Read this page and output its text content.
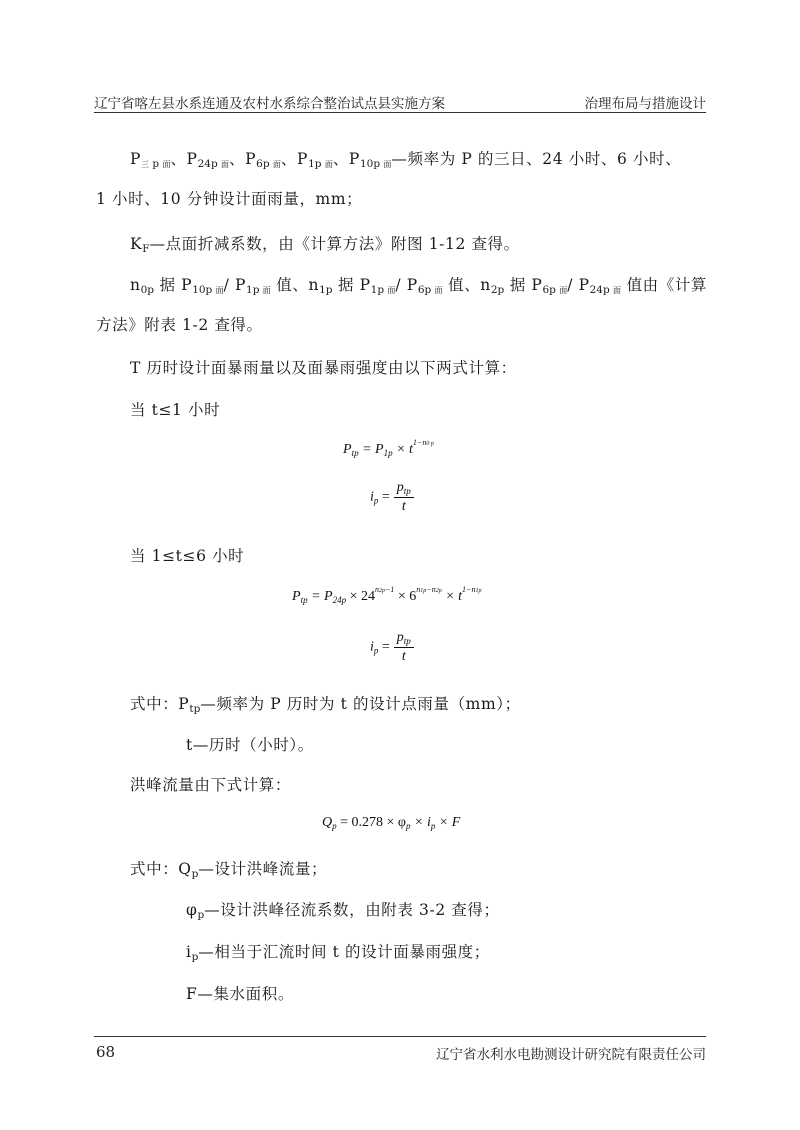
辽宁省喀左县水系连通及农村水系综合整治试点县实施方案	治理布局与措施设计
$P_{三 p 面}$、$P_{24p 面}$、$P_{6p 面}$、$P_{1p 面}$、$P_{10p 面}—$频率为 P 的三日、24 小时、6 小时、
1 小时、10 分钟设计面雨量，mm；
$K_F—$点面折减系数，由《计算方法》附图 1-12 查得。
$n_{0p}$ 据 $P_{10p 面}/$ $P_{1p 面}$ 值、$n_{1p}$ 据 $P_{1p 面}/$ $P_{6p 面}$ 值、$n_{2p}$ 据 $P_{6p 面}/$ $P_{24p 面}$ 值由《计算
方法》附表 1-2 查得。
T 历时设计面暴雨量以及面暴雨强度由以下两式计算：
当 t≤1 小时
$P_{tp} = P_{1p} \times t^{1-n0 p}$
$i_p = \frac{p_{tp}}{t}$
当 1≤t≤6 小时
$P_{tp} = P_{24p} \times 24^{n2p-1} \times 6^{n1p-n2p} \times t^{1-n1p}$
$i_p = \frac{p_{tp}}{t}$
式中：$P_{tp}—$频率为 P 历时为 t 的设计点雨量（mm）；
t—历时（小时）。
洪峰流量由下式计算：
$Q_p = 0.278 \times \varphi_p \times i_p \times F$
式中：$Q_p—$设计洪峰流量；
$\varphi_p—$设计洪峰径流系数，由附表 3-2 查得；
$i_p—$相当于汇流时间 t 的设计面暴雨强度；
F—集水面积。
68	辽宁省水利水电勘测设计研究院有限责任公司
